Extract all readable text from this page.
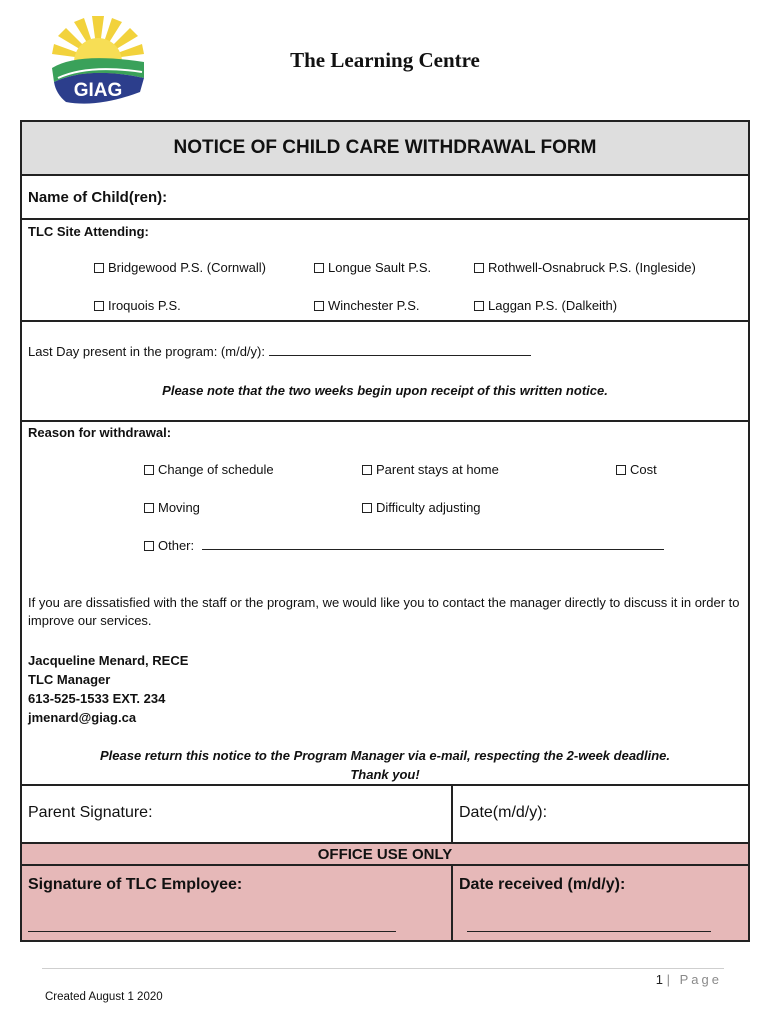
GIAG
The Learning Centre
NOTICE OF CHILD CARE WITHDRAWAL FORM
Name of Child(ren):
TLC Site Attending:
Bridgewood P.S. (Cornwall)	Longue Sault P.S.	Rothwell-Osnabruck P.S. (Ingleside)
Iroquois P.S.	Winchester P.S.	Laggan P.S. (Dalkeith)
Last Day present in the program: (m/d/y):
Please note that the two weeks begin upon receipt of this written notice.
Reason for withdrawal:
Change of schedule	Parent stays at home	Cost
Moving	Difficulty adjusting
Other:
If you are dissatisfied with the staff or the program, we would like you to contact the manager directly to discuss it in order to improve our services.
Jacqueline Menard, RECE
TLC Manager
613-525-1533 EXT. 234
jmenard@giag.ca
Please return this notice to the Program Manager via e-mail, respecting the 2-week deadline.
Thank you!
Parent Signature:	Date(m/d/y):
OFFICE USE ONLY
Signature of TLC Employee:	Date received (m/d/y):
1 | Page
Created August 1 2020
